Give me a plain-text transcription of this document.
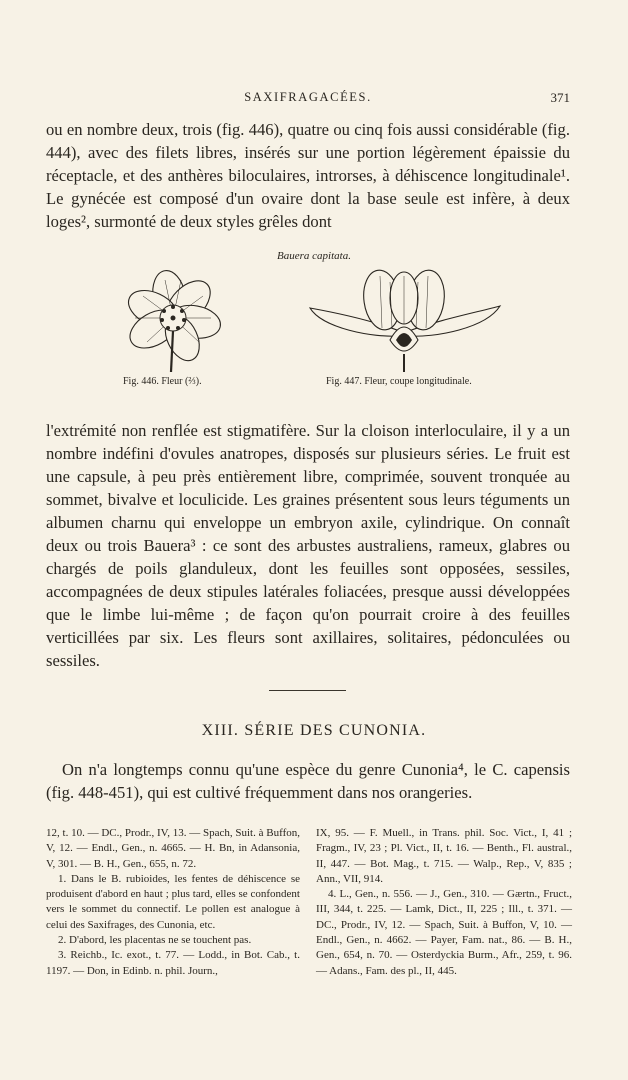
SAXIFRAGACÉES.	371

ou en nombre deux, trois (fig. 446), quatre ou cinq fois aussi considérable (fig. 444), avec des filets libres, insérés sur une portion légèrement épaissie du réceptacle, et des anthères biloculaires, introrses, à déhiscence longitudinale¹. Le gynécée est composé d'un ovaire dont la base seule est infère, à deux loges², surmonté de deux styles grêles dont

Bauera capitata.
Fig. 446. Fleur (⅔).	Fig. 447. Fleur, coupe longitudinale.

l'extrémité non renflée est stigmatifère. Sur la cloison interloculaire, il y a un nombre indéfini d'ovules anatropes, disposés sur plusieurs séries. Le fruit est une capsule, à peu près entièrement libre, comprimée, souvent tronquée au sommet, bivalve et loculicide. Les graines présentent sous leurs téguments un albumen charnu qui enveloppe un embryon axile, cylindrique. On connaît deux ou trois Bauera³ : ce sont des arbustes australiens, rameux, glabres ou chargés de poils glanduleux, dont les feuilles sont opposées, sessiles, accompagnées de deux stipules latérales foliacées, presque aussi développées que le limbe lui-même ; de façon qu'on pourrait croire à des feuilles verticillées par six. Les fleurs sont axillaires, solitaires, pédonculées ou sessiles.

XIII. SÉRIE DES CUNONIA.

On n'a longtemps connu qu'une espèce du genre Cunonia⁴, le C. capensis (fig. 448-451), qui est cultivé fréquemment dans nos orangeries.

12, t. 10. — DC., Prodr., IV, 13. — Spach, Suit. à Buffon, V, 12. — Endl., Gen., n. 4665. — H. Bn, in Adansonia, V, 301. — B. H., Gen., 655, n. 72.

1. Dans le B. rubioides, les fentes de déhiscence se produisent d'abord en haut ; plus tard, elles se confondent vers le sommet du connectif. Le pollen est analogue à celui des Saxifrages, des Cunonia, etc.

2. D'abord, les placentas ne se touchent pas.

3. Reichb., Ic. exot., t. 77. — Lodd., in Bot. Cab., t. 1197. — Don, in Edinb. n. phil. Journ.,

IX, 95. — F. Muell., in Trans. phil. Soc. Vict., I, 41 ; Fragm., IV, 23 ; Pl. Vict., II, t. 16. — Benth., Fl. austral., II, 447. — Bot. Mag., t. 715. — Walp., Rep., V, 835 ; Ann., VII, 914.

4. L., Gen., n. 556. — J., Gen., 310. — Gærtn., Fruct., III, 344, t. 225. — Lamk, Dict., II, 225 ; Ill., t. 371. — DC., Prodr., IV, 12. — Spach, Suit. à Buffon, V, 10. — Endl., Gen., n. 4662. — Payer, Fam. nat., 86. — B. H., Gen., 654, n. 70. — Osterdyckia Burm., Afr., 259, t. 96. — Adans., Fam. des pl., II, 445.
